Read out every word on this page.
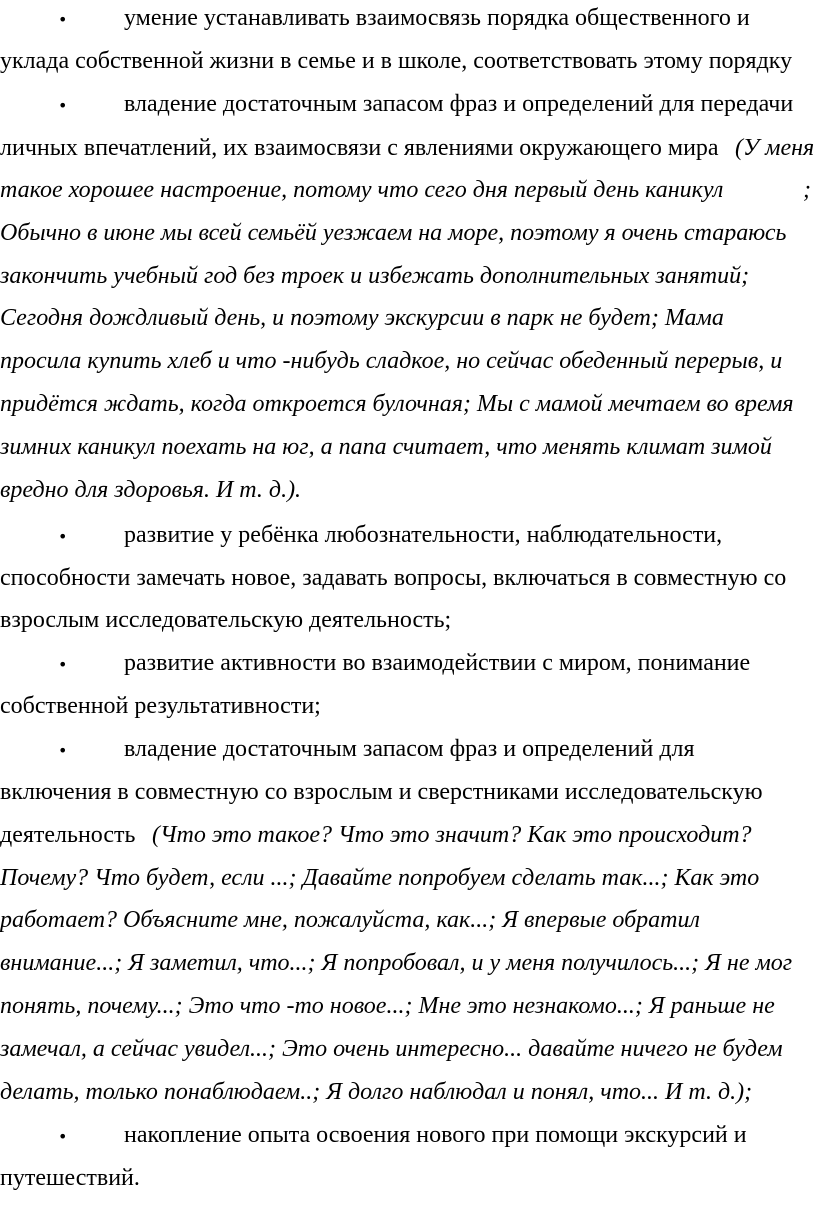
• умение устанавливать взаимосвязь порядка общественного и
уклада собственной жизни в семье и в школе, соответствовать этому порядку
• владение достаточным запасом фраз и определений для передачи
личных впечатлений, их взаимосвязи с явлениями окружающего мира (У меня
такое хорошее настроение, потому что сего дня первый день каникул	;
Обычно в июне мы всей семьёй уезжаем на море, поэтому я очень стараюсь
закончить учебный год без троек и избежать дополнительных занятий;
Сегодня дождливый день, и поэтому экскурсии в парк не будет; Мама
просила купить хлеб и что -нибудь сладкое, но сейчас обеденный перерыв, и
придётся ждать, когда откроется булочная; Мы с мамой мечтаем во время
зимних каникул поехать на юг, а папа считает, что менять климат зимой
вредно для здоровья. И т. д.).
• развитие у ребёнка любознательности, наблюдательности,
способности замечать новое, задавать вопросы, включаться в совместную со
взрослым исследовательскую деятельность;
• развитие активности во взаимодействии с миром, понимание
собственной результативности;
• владение достаточным запасом фраз и определений для
включения в совместную со взрослым и сверстниками исследовательскую
деятельность (Что это такое? Что это значит? Как это происходит?
Почему? Что будет, если ...; Давайте попробуем сделать так...; Как это
работает? Объясните мне, пожалуйста, как...; Я впервые обратил
внимание...; Я заметил, что...; Я попробовал, и у меня получилось...; Я не мог
понять, почему...; Это что -то новое...; Мне это незнакомо...; Я раньше не
замечал, а сейчас увидел...; Это очень интересно... давайте ничего не будем
делать, только понаблюдаем..; Я долго наблюдал и понял, что... И т. д.);
• накопление опыта освоения нового при помощи экскурсий и
путешествий.
